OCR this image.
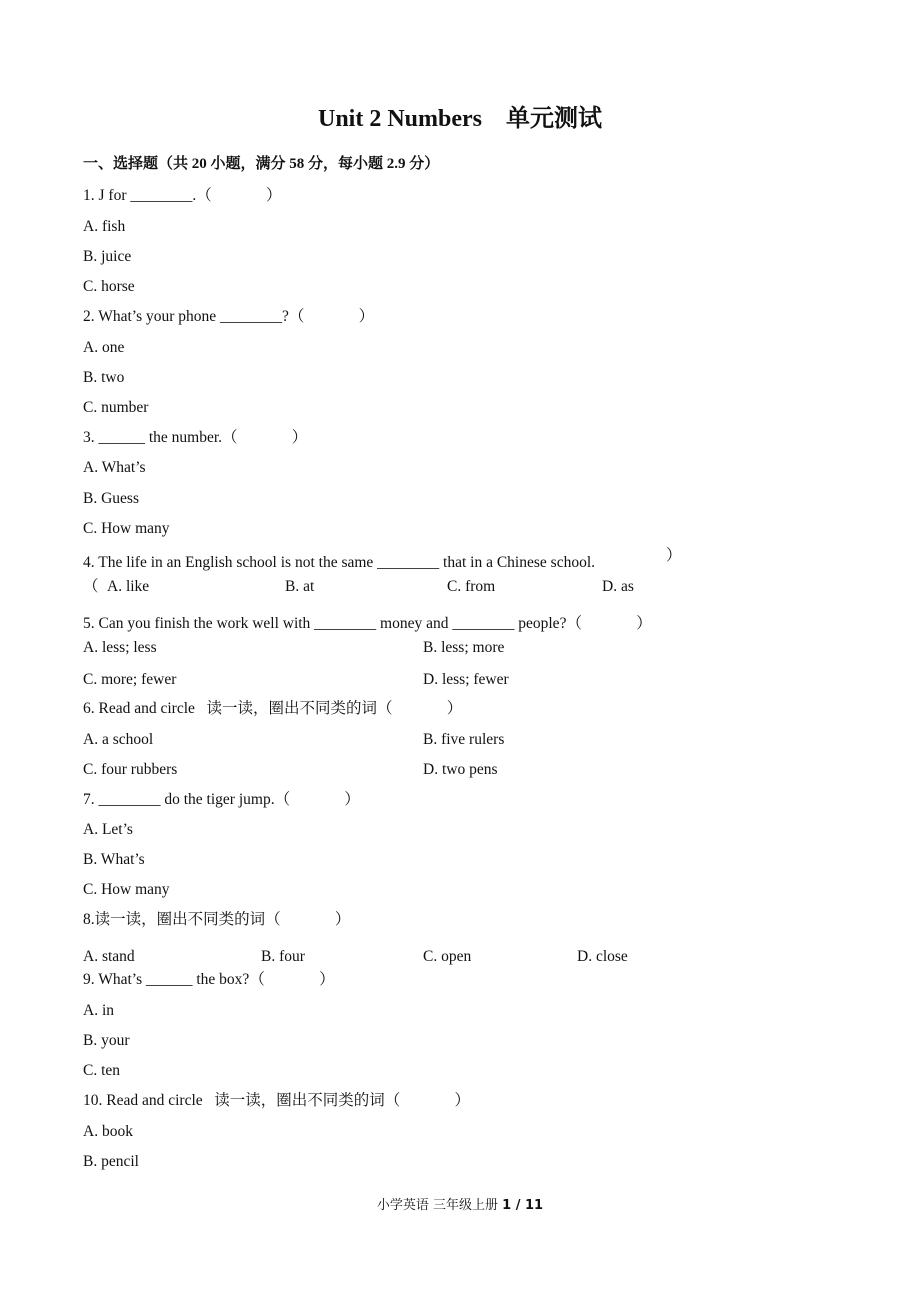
Unit 2 Numbers　单元测试
一、选择题（共 20 小题，满分 58 分，每小题 2.9 分）
1. J for ________.（              ）
A. fish
B. juice
C. horse
2. What’s your phone ________?（              ）
A. one
B. two
C. number
3. ______ the number.（              ）
A. What’s
B. Guess
C. How many
4. The life in an English school is not the same ________ that in a Chinese school.	）
（ A. like	B. at	C. from	D. as
5. Can you finish the work well with ________ money and ________ people?（              ）
A. less; less	B. less; more
C. more; fewer	D. less; fewer
6. Read and circle   读一读，圈出不同类的词（              ）
A. a school	B. five rulers
C. four rubbers	D. two pens
7. ________ do the tiger jump.（              ）
A. Let’s
B. What’s
C. How many
8.读一读，圈出不同类的词（              ）
A. stand	B. four	C. open	D. close
9. What’s ______ the box?（              ）
A. in
B. your
C. ten
10. Read and circle   读一读，圈出不同类的词（              ）
A. book
B. pencil
小学英语 三年级上册 1 / 11
